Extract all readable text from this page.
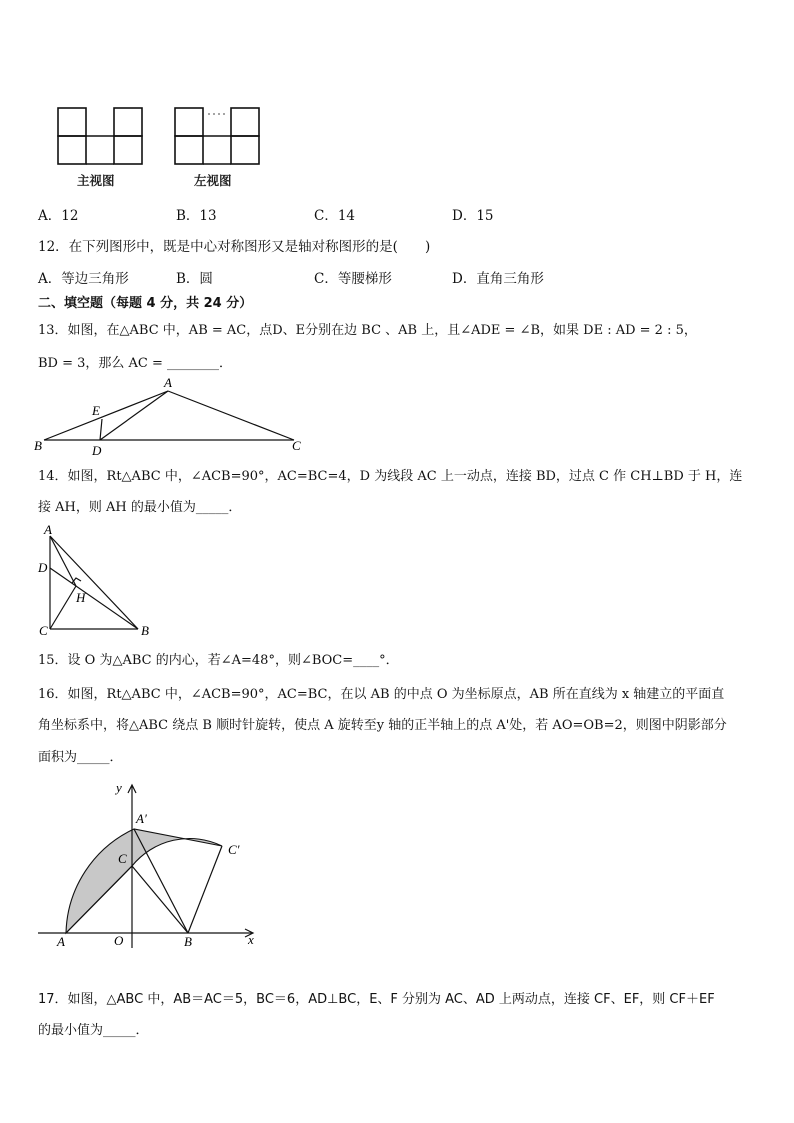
主视图	左视图
A．12	B．13	C．14	D．15
12．在下列图形中，既是中心对称图形又是轴对称图形的是(　　)
A．等边三角形	B．圆	C．等腰梯形	D．直角三角形
二、填空题（每题 4 分，共 24 分）
13．如图，在△ABC 中，AB = AC，点D、E分别在边 BC 、AB 上，且∠ADE = ∠B，如果 DE : AD = 2 : 5，
BD = 3，那么 AC = ________．
A
B	C
D
E
14．如图，Rt△ABC 中，∠ACB=90°，AC=BC=4，D 为线段 AC 上一动点，连接 BD，过点 C 作 CH⊥BD 于 H，连
接 AH，则 AH 的最小值为_____．
A
D
H
C	B
15．设 O 为△ABC 的内心，若∠A=48°，则∠BOC=____°．
16．如图，Rt△ABC 中，∠ACB=90°，AC=BC，在以 AB 的中点 O 为坐标原点，AB 所在直线为 x 轴建立的平面直
角坐标系中，将△ABC 绕点 B 顺时针旋转，使点 A 旋转至y 轴的正半轴上的点 A'处，若 AO=OB=2，则图中阴影部分
面积为_____．
y
x
A′
C′
C
A	O	B
17．如图，△ABC 中，AB＝AC＝5，BC＝6，AD⊥BC，E、F 分别为 AC、AD 上两动点，连接 CF、EF，则 CF＋EF
的最小值为_____．
